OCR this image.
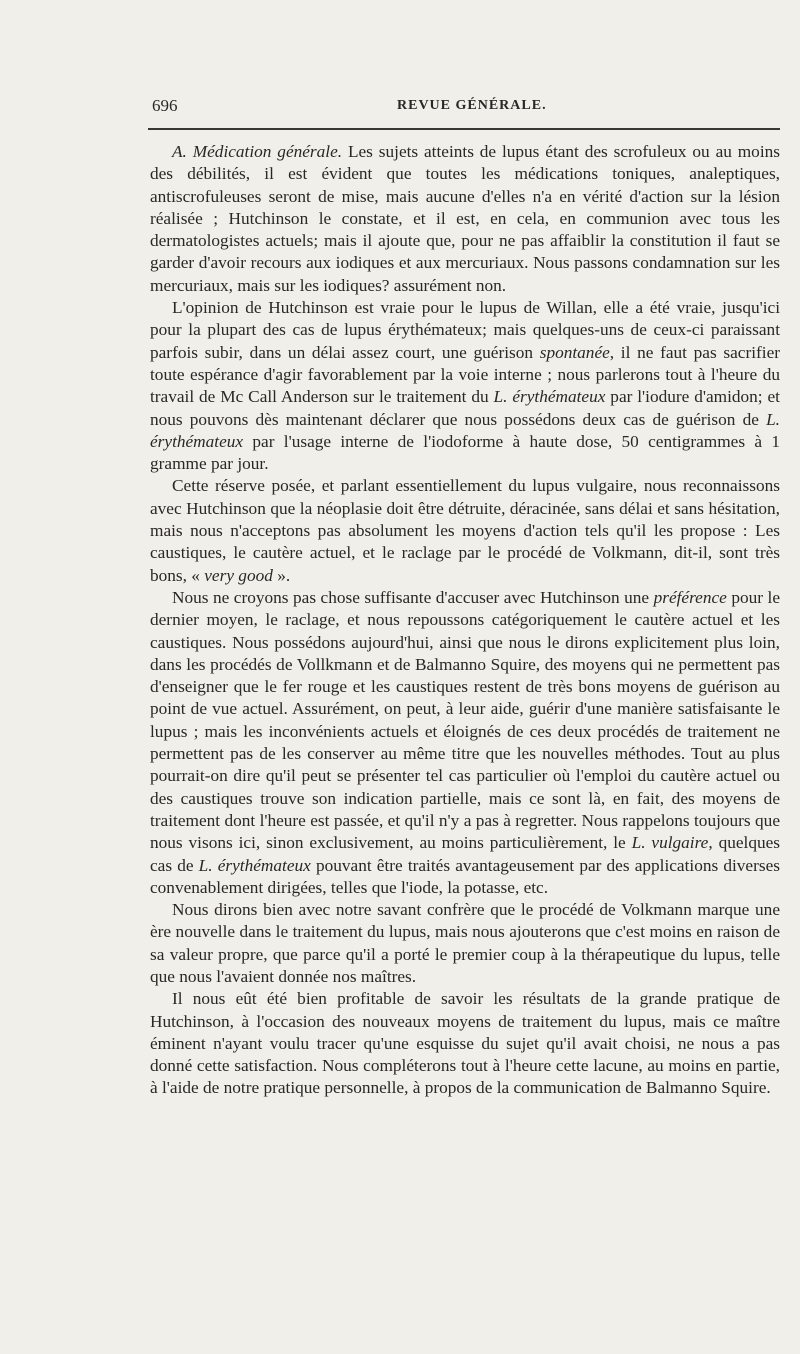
696	REVUE GÉNÉRALE.

A. Médication générale. Les sujets atteints de lupus étant des scrofuleux ou au moins des débilités, il est évident que toutes les médications toniques, analeptiques, antiscrofuleuses seront de mise, mais aucune d'elles n'a en vérité d'action sur la lésion réalisée ; Hutchinson le constate, et il est, en cela, en communion avec tous les dermatologistes actuels; mais il ajoute que, pour ne pas affaiblir la constitution il faut se garder d'avoir recours aux iodiques et aux mercuriaux. Nous passons condamnation sur les mercuriaux, mais sur les iodiques? assurément non.

L'opinion de Hutchinson est vraie pour le lupus de Willan, elle a été vraie, jusqu'ici pour la plupart des cas de lupus érythémateux; mais quelques-uns de ceux-ci paraissant parfois subir, dans un délai assez court, une guérison spontanée, il ne faut pas sacrifier toute espérance d'agir favorablement par la voie interne ; nous parlerons tout à l'heure du travail de Mc Call Anderson sur le traitement du L. érythémateux par l'iodure d'amidon; et nous pouvons dès maintenant déclarer que nous possédons deux cas de guérison de L. érythémateux par l'usage interne de l'iodoforme à haute dose, 50 centigrammes à 1 gramme par jour.

Cette réserve posée, et parlant essentiellement du lupus vulgaire, nous reconnaissons avec Hutchinson que la néoplasie doit être détruite, déracinée, sans délai et sans hésitation, mais nous n'acceptons pas absolument les moyens d'action tels qu'il les propose : Les caustiques, le cautère actuel, et le raclage par le procédé de Volkmann, dit-il, sont très bons, « very good ».

Nous ne croyons pas chose suffisante d'accuser avec Hutchinson une préférence pour le dernier moyen, le raclage, et nous repoussons catégoriquement le cautère actuel et les caustiques. Nous possédons aujourd'hui, ainsi que nous le dirons explicitement plus loin, dans les procédés de Vollkmann et de Balmanno Squire, des moyens qui ne permettent pas d'enseigner que le fer rouge et les caustiques restent de très bons moyens de guérison au point de vue actuel. Assurément, on peut, à leur aide, guérir d'une manière satisfaisante le lupus ; mais les inconvénients actuels et éloignés de ces deux procédés de traitement ne permettent pas de les conserver au même titre que les nouvelles méthodes. Tout au plus pourrait-on dire qu'il peut se présenter tel cas particulier où l'emploi du cautère actuel ou des caustiques trouve son indication partielle, mais ce sont là, en fait, des moyens de traitement dont l'heure est passée, et qu'il n'y a pas à regretter. Nous rappelons toujours que nous visons ici, sinon exclusivement, au moins particulièrement, le L. vulgaire, quelques cas de L. érythémateux pouvant être traités avantageusement par des applications diverses convenablement dirigées, telles que l'iode, la potasse, etc.

Nous dirons bien avec notre savant confrère que le procédé de Volkmann marque une ère nouvelle dans le traitement du lupus, mais nous ajouterons que c'est moins en raison de sa valeur propre, que parce qu'il a porté le premier coup à la thérapeutique du lupus, telle que nous l'avaient donnée nos maîtres.

Il nous eût été bien profitable de savoir les résultats de la grande pratique de Hutchinson, à l'occasion des nouveaux moyens de traitement du lupus, mais ce maître éminent n'ayant voulu tracer qu'une esquisse du sujet qu'il avait choisi, ne nous a pas donné cette satisfaction. Nous compléterons tout à l'heure cette lacune, au moins en partie, à l'aide de notre pratique personnelle, à propos de la communication de Balmanno Squire.
